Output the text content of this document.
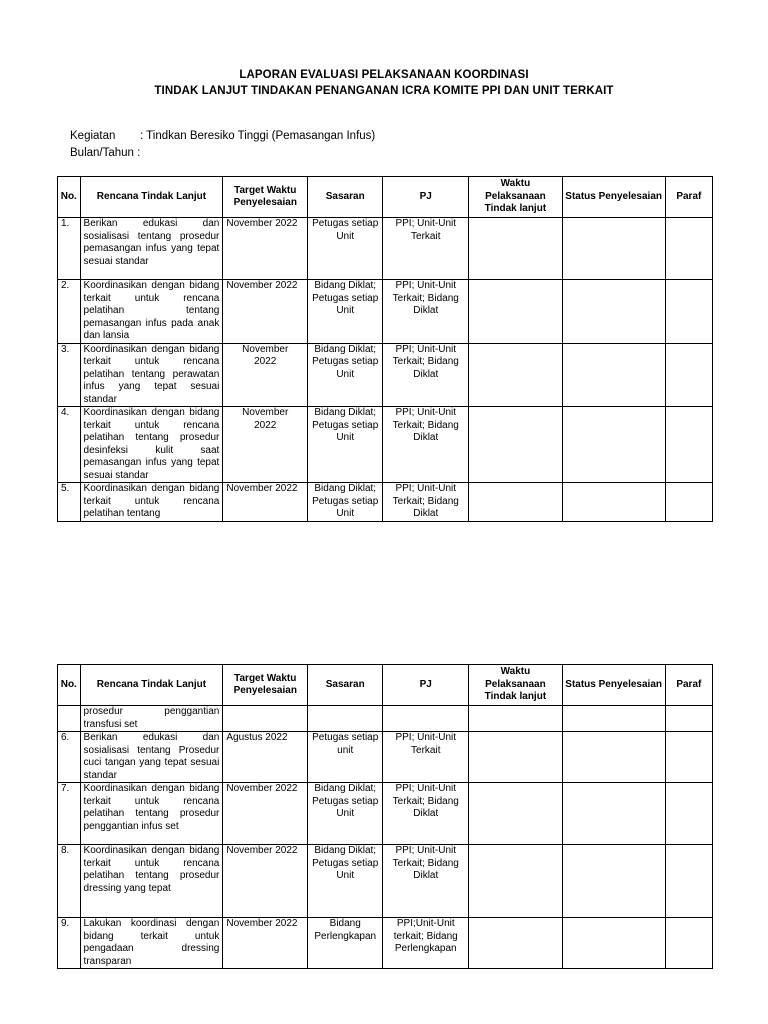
LAPORAN EVALUASI PELAKSANAAN KOORDINASI
TINDAK LANJUT TINDAKAN PENANGANAN ICRA KOMITE PPI DAN UNIT TERKAIT
Kegiatan : Tindkan Beresiko Tinggi (Pemasangan Infus)
Bulan/Tahun :
No.	Rencana Tindak Lanjut	Target Waktu Penyelesaian	Sasaran	PJ	Waktu Pelaksanaan Tindak lanjut	Status Penyelesaian	Paraf
1.	Berikan edukasi dan sosialisasi tentang prosedur pemasangan infus yang tepat sesuai standar	November 2022	Petugas setiap Unit	PPI; Unit-Unit Terkait			
2.	Koordinasikan dengan bidang terkait untuk rencana pelatihan tentang pemasangan infus pada anak dan lansia	November 2022	Bidang Diklat; Petugas setiap Unit	PPI; Unit-Unit Terkait; Bidang Diklat			
3.	Koordinasikan dengan bidang terkait untuk rencana pelatihan tentang perawatan infus yang tepat sesuai standar	November 2022	Bidang Diklat; Petugas setiap Unit	PPI; Unit-Unit Terkait; Bidang Diklat			
4.	Koordinasikan dengan bidang terkait untuk rencana pelatihan tentang prosedur desinfeksi kulit saat pemasangan infus yang tepat sesuai standar	November 2022	Bidang Diklat; Petugas setiap Unit	PPI; Unit-Unit Terkait; Bidang Diklat			
5.	Koordinasikan dengan bidang terkait untuk rencana pelatihan tentang	November 2022	Bidang Diklat; Petugas setiap Unit	PPI; Unit-Unit Terkait; Bidang Diklat			
No.	Rencana Tindak Lanjut	Target Waktu Penyelesaian	Sasaran	PJ	Waktu Pelaksanaan Tindak lanjut	Status Penyelesaian	Paraf
	prosedur penggantian transfusi set						
6.	Berikan edukasi dan sosialisasi tentang Prosedur cuci tangan yang tepat sesuai standar	Agustus 2022	Petugas setiap unit	PPI; Unit-Unit Terkait			
7.	Koordinasikan dengan bidang terkait untuk rencana pelatihan tentang prosedur penggantian infus set	November 2022	Bidang Diklat; Petugas setiap Unit	PPI; Unit-Unit Terkait; Bidang Diklat			
8.	Koordinasikan dengan bidang terkait untuk rencana pelatihan tentang prosedur dressing yang tepat	November 2022	Bidang Diklat; Petugas setiap Unit	PPI; Unit-Unit Terkait; Bidang Diklat			
9.	Lakukan koordinasi dengan bidang terkait untuk pengadaan dressing transparan	November 2022	Bidang Perlengkapan	PPI;Unit-Unit terkait; Bidang Perlengkapan			
